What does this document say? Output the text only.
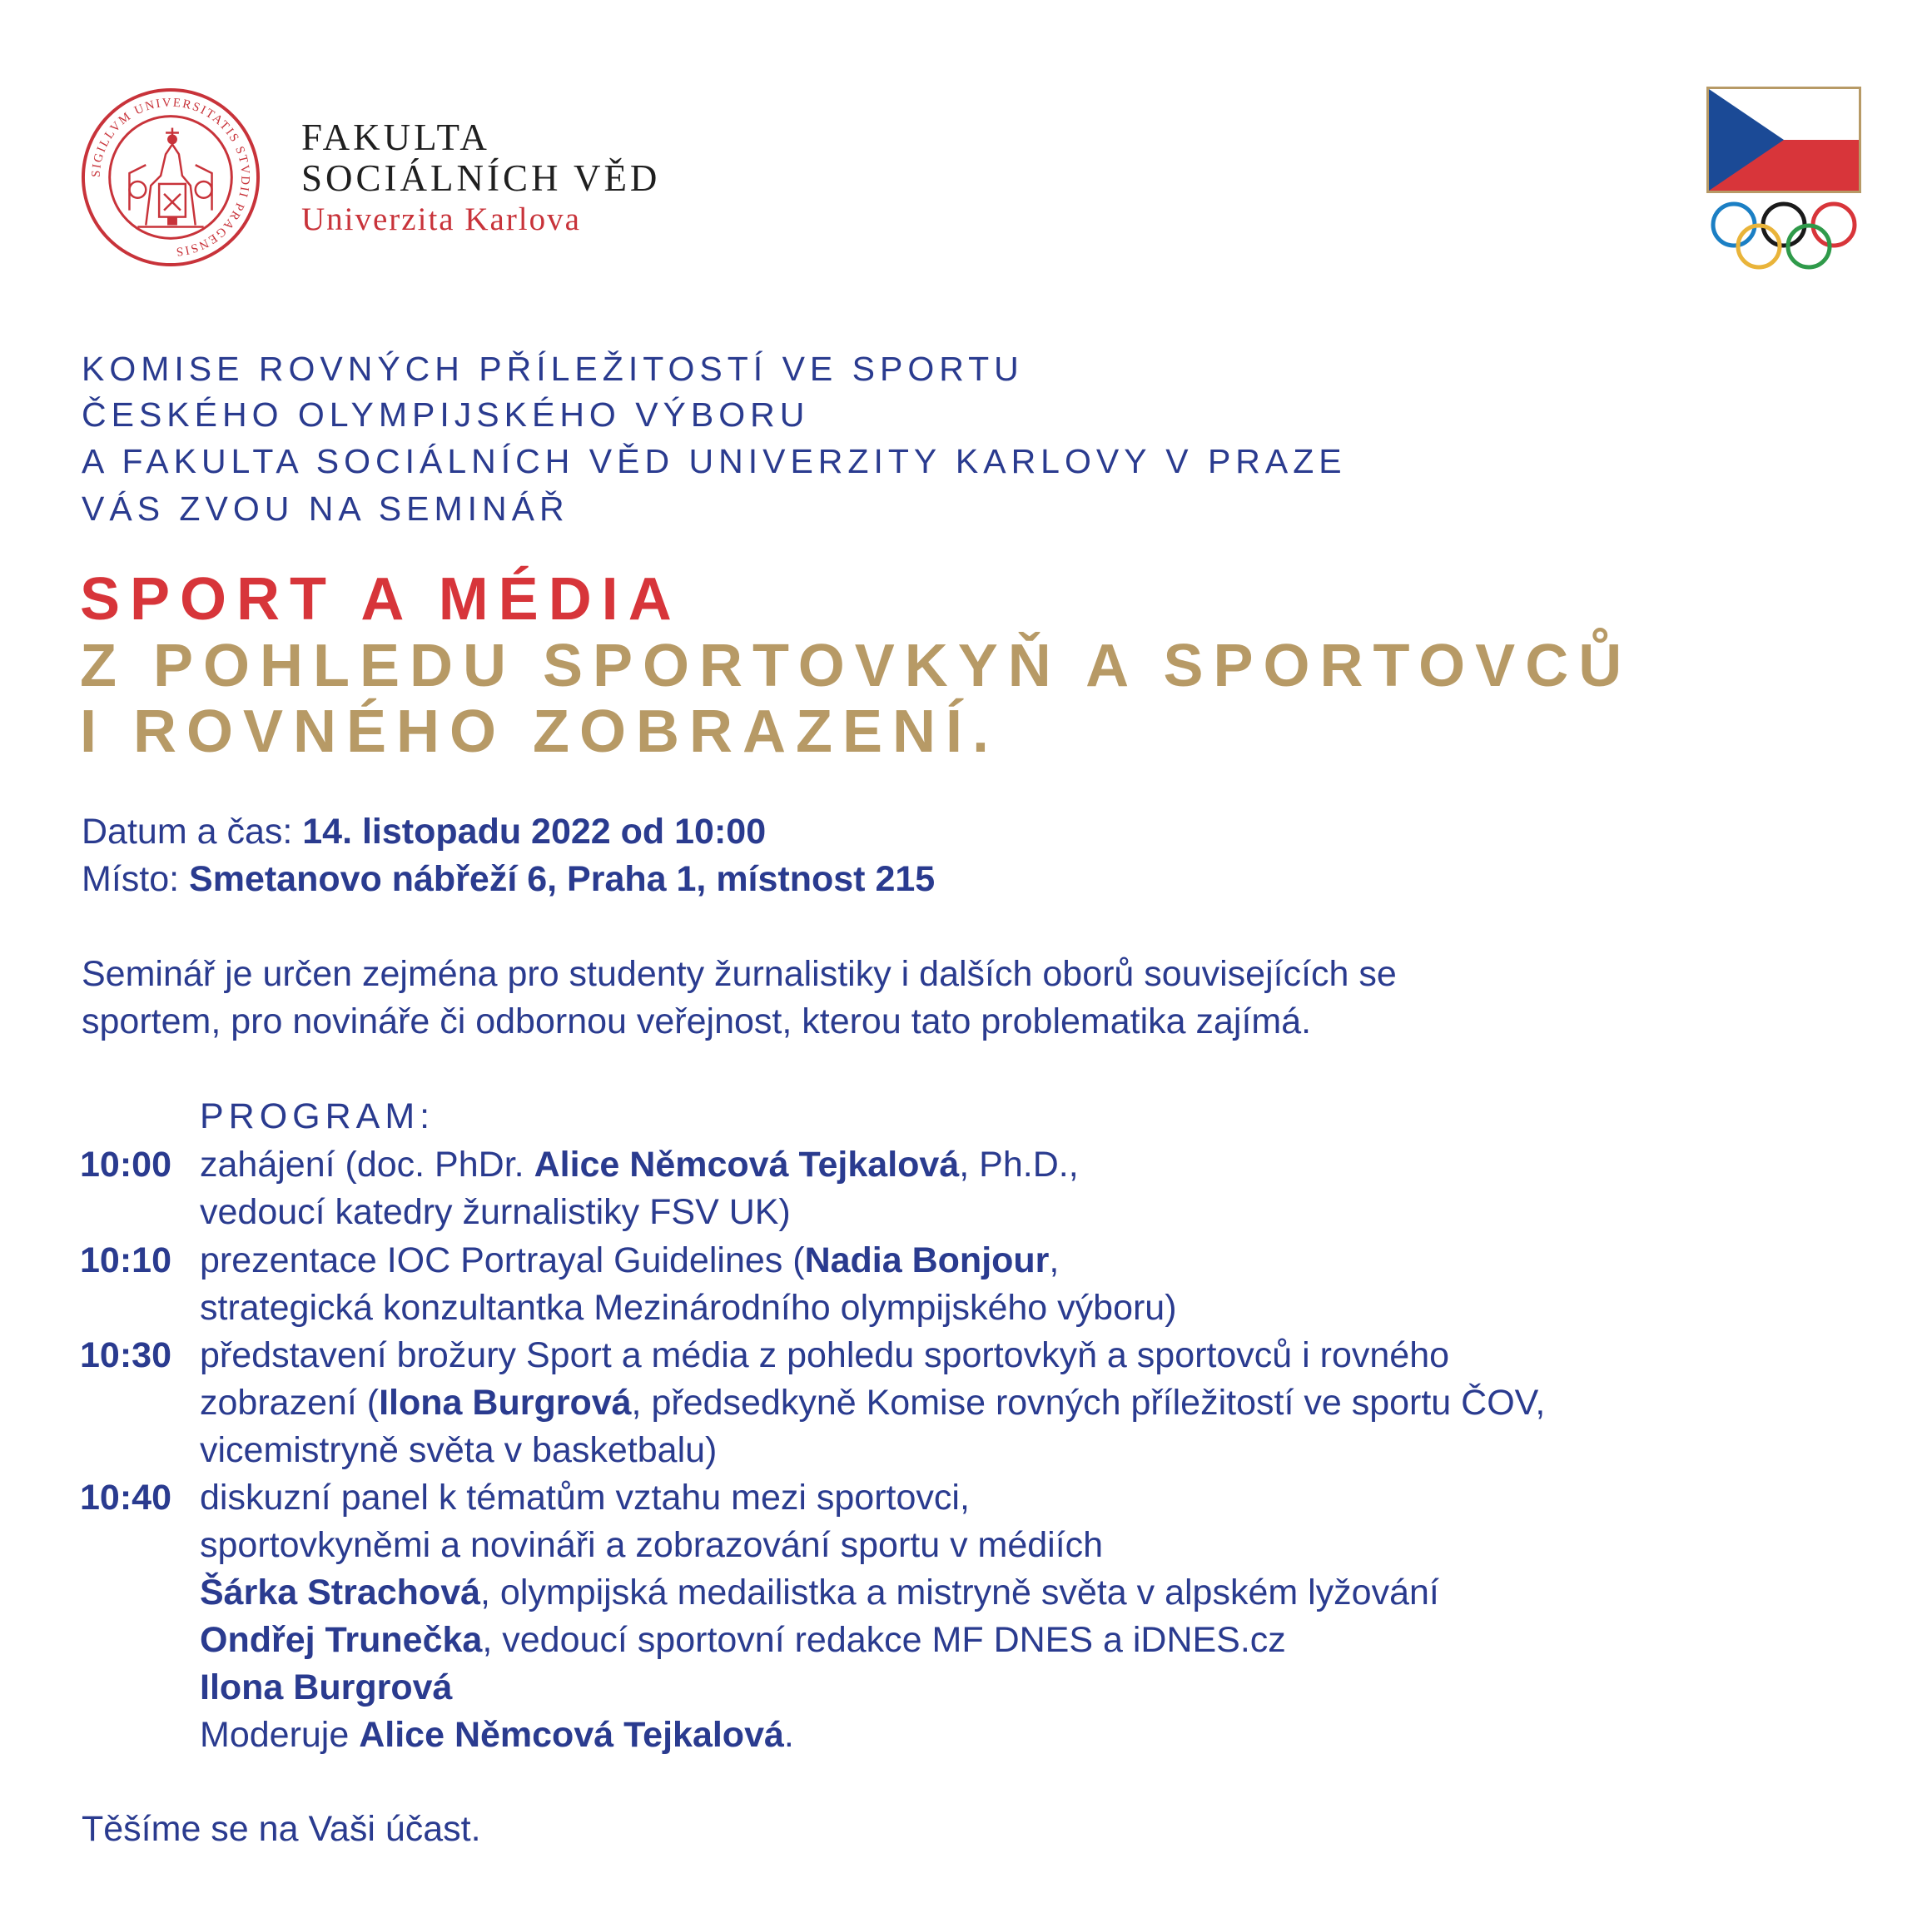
SIGILLVM UNIVERSITATIS STVDII PRAGENSIS
FAKULTA
SOCIÁLNÍCH VĚD
Univerzita Karlova
KOMISE ROVNÝCH PŘÍLEŽITOSTÍ VE SPORTU
ČESKÉHO OLYMPIJSKÉHO VÝBORU
A FAKULTA SOCIÁLNÍCH VĚD UNIVERZITY KARLOVY V PRAZE
VÁS ZVOU NA SEMINÁŘ
SPORT A MÉDIA
Z POHLEDU SPORTOVKYŇ A SPORTOVCŮ
I ROVNÉHO ZOBRAZENÍ.
Datum a čas: 14. listopadu 2022 od 10:00
Místo: Smetanovo nábřeží 6, Praha 1, místnost 215
Seminář je určen zejména pro studenty žurnalistiky i dalších oborů souvisejících se
sportem, pro novináře či odbornou veřejnost, kterou tato problematika zajímá.
PROGRAM:
10:00 zahájení (doc. PhDr. Alice Němcová Tejkalová, Ph.D.,
vedoucí katedry žurnalistiky FSV UK)
10:10 prezentace IOC Portrayal Guidelines (Nadia Bonjour,
strategická konzultantka Mezinárodního olympijského výboru)
10:30 představení brožury Sport a média z pohledu sportovkyň a sportovců i rovného
zobrazení (Ilona Burgrová, předsedkyně Komise rovných příležitostí ve sportu ČOV,
vicemistryně světa v basketbalu)
10:40 diskuzní panel k tématům vztahu mezi sportovci,
sportovkyněmi a novináři a zobrazování sportu v médiích
Šárka Strachová, olympijská medailistka a mistryně světa v alpském lyžování
Ondřej Trunečka, vedoucí sportovní redakce MF DNES a iDNES.cz
Ilona Burgrová
Moderuje Alice Němcová Tejkalová.
Těšíme se na Vaši účast.
